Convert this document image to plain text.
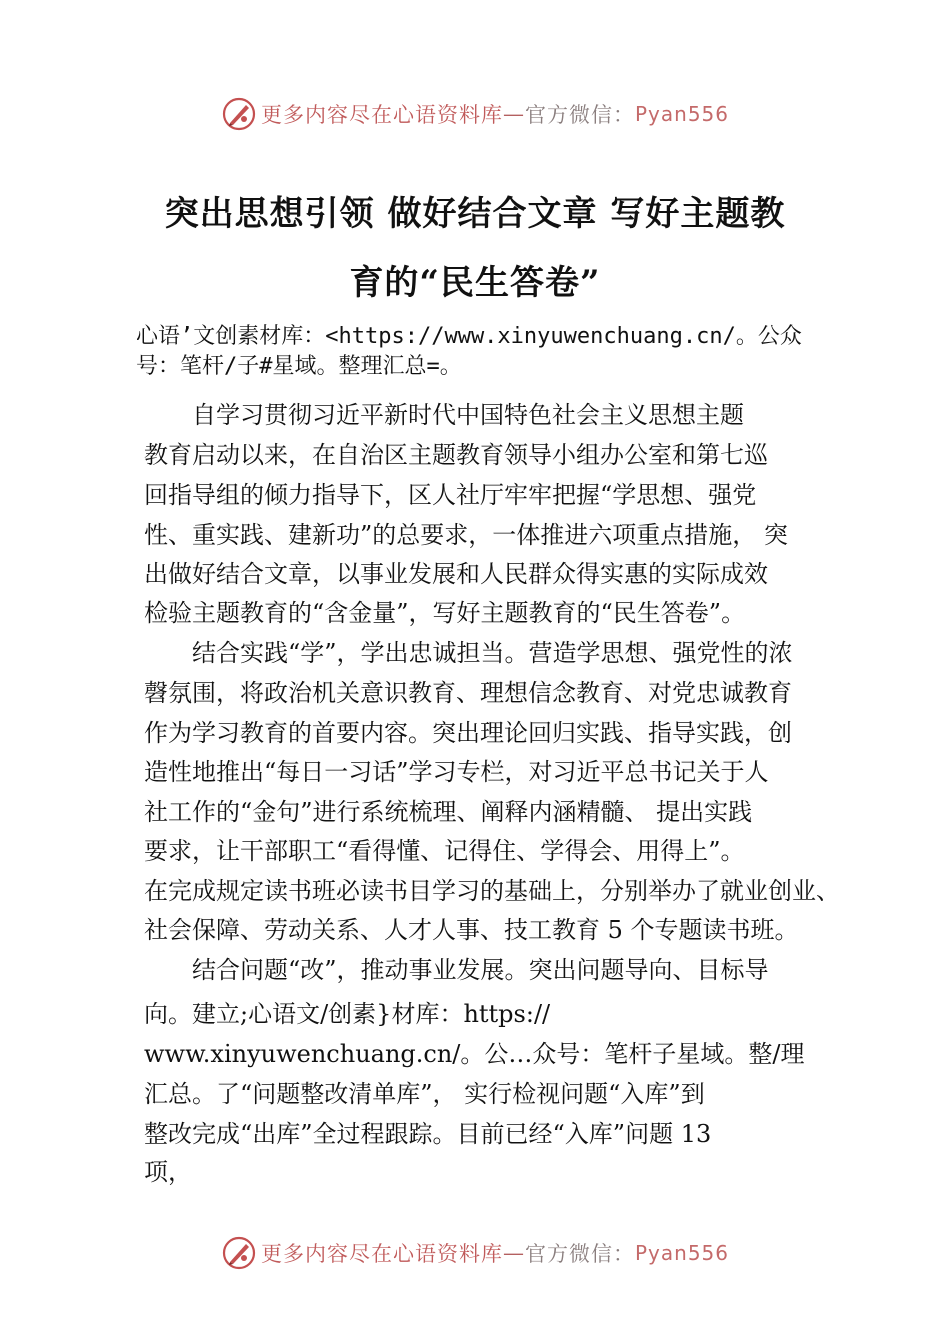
更多内容尽在心语资料库 — 官方微信： Pyan556
突出思想引领 做好结合文章 写好主题教
育的“民生答卷”
心语’文创素材库：<https://www.xinyuwenchuang.cn/。公众
号：笔杆/子#星域。整理汇总=。
　　自学习贯彻习近平新时代中国特色社会主义思想主题
教育启动以来，在自治区主题教育领导小组办公室和第七巡
回指导组的倾力指导下，区人社厅牢牢把握“学思想、强党
性、重实践、建新功”的总要求，一体推进六项重点措施， 突
出做好结合文章，以事业发展和人民群众得实惠的实际成效
检验主题教育的“含金量”，写好主题教育的“民生答卷”。
　　结合实践“学”，学出忠诚担当。营造学思想、强党性的浓
㲈氛围，将政治机关意识教育、理想信念教育、对党忠诚教育
作为学习教育的首要内容。突出理论回归实践、指导实践，创
造性地推出“每日一习话”学习专栏，对习近平总书记关于人
社工作的“金句”进行系统梳理、阐释内涵精髓、 提出实践
要求，让干部职工“看得懂、记得住、学得会、用得上”。
在完成规定读书班必读书目学习的基础上，分别举办了就业创业、
社会保障、劳动关系、人才人事、技工教育 5 个专题读书班。
　　结合问题“改”，推动事业发展。突出问题导向、目标导
向。建立;心语文/创素}材库：https://
www.xinyuwenchuang.cn/。公…众号：笔杆子星域。整/理
汇总。了“问题整改清单库”， 实行检视问题“入库”到
整改完成“出库”全过程跟踪。目前已经“入库”问题 13
项，
更多内容尽在心语资料库 — 官方微信： Pyan556
